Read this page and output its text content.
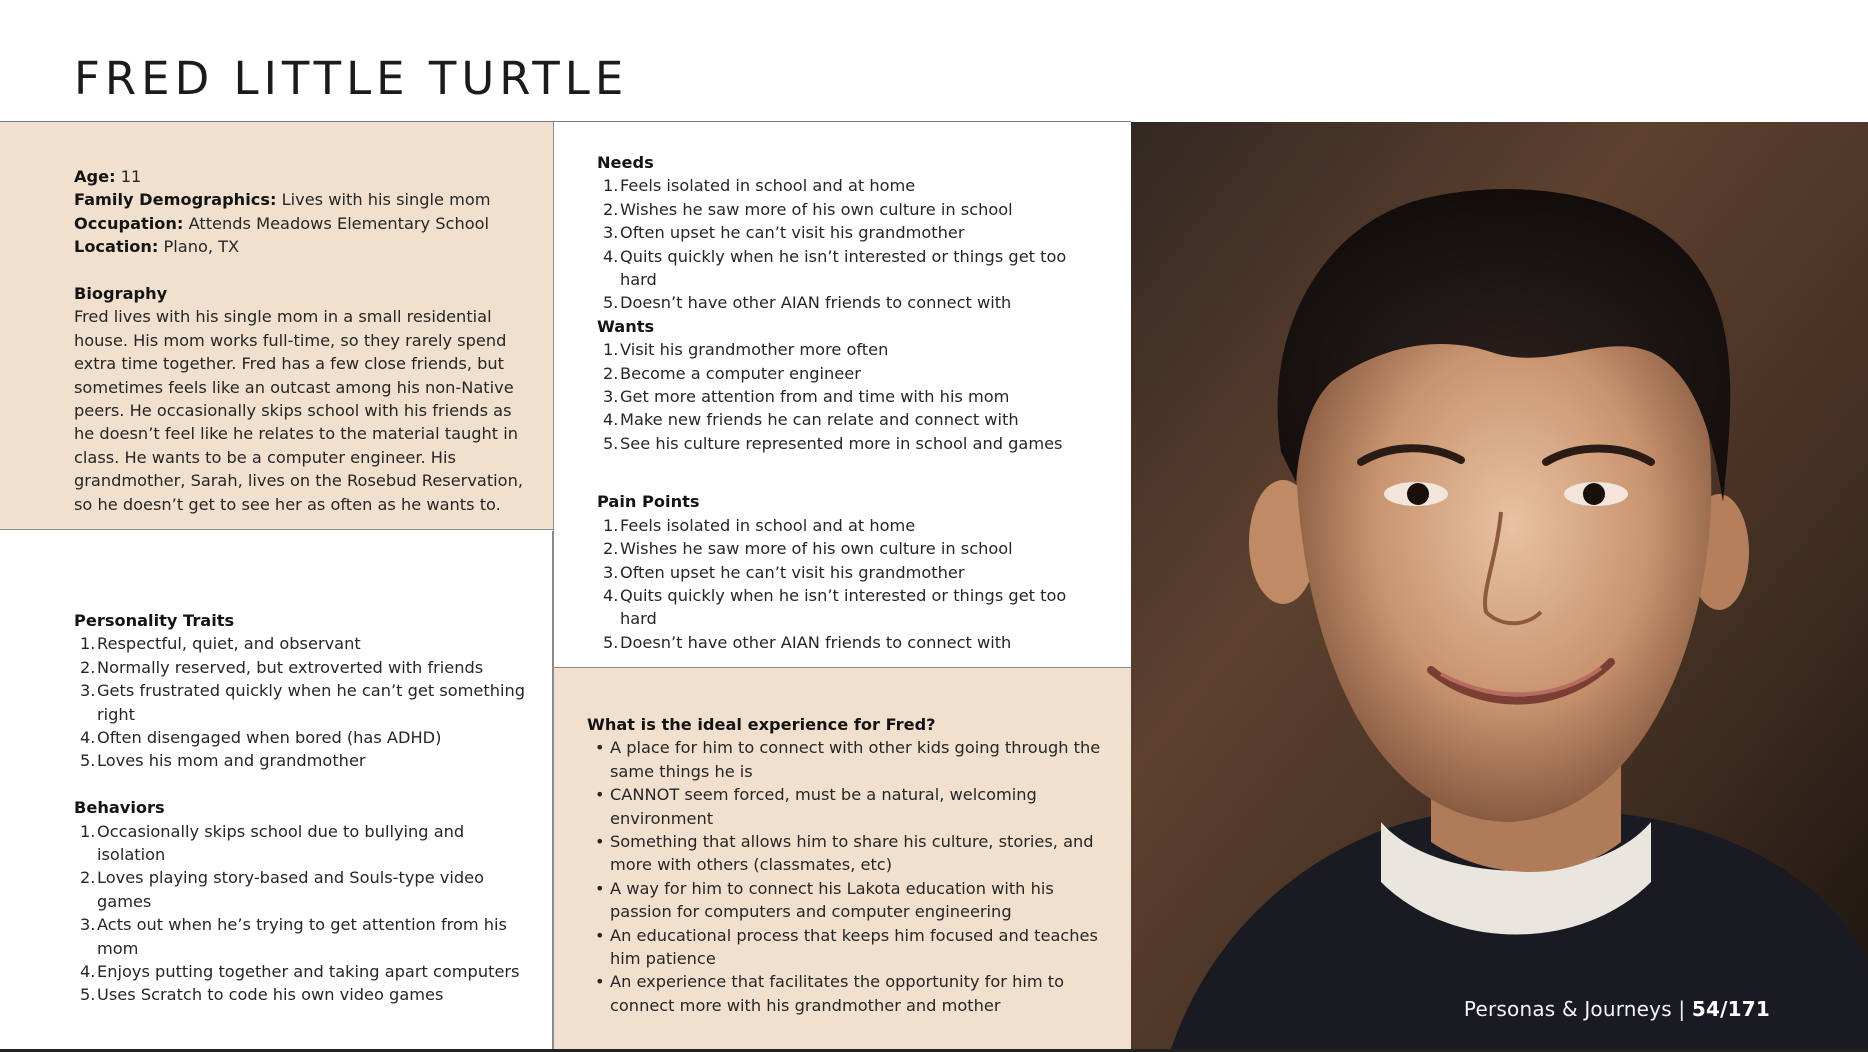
FRED LITTLE TURTLE
Age: 11
Family Demographics: Lives with his single mom
Occupation: Attends Meadows Elementary School
Location: Plano, TX
Biography
Fred lives with his single mom in a small residential
house. His mom works full-time, so they rarely spend
extra time together. Fred has a few close friends, but
sometimes feels like an outcast among his non-Native
peers. He occasionally skips school with his friends as
he doesn’t feel like he relates to the material taught in
class. He wants to be a computer engineer. His
grandmother, Sarah, lives on the Rosebud Reservation,
so he doesn’t get to see her as often as he wants to.
Personality Traits
1. Respectful, quiet, and observant
2. Normally reserved, but extroverted with friends
3. Gets frustrated quickly when he can’t get something
right
4. Often disengaged when bored (has ADHD)
5. Loves his mom and grandmother
Behaviors
1. Occasionally skips school due to bullying and
isolation
2. Loves playing story-based and Souls-type video
games
3. Acts out when he’s trying to get attention from his
mom
4. Enjoys putting together and taking apart computers
5. Uses Scratch to code his own video games
Needs
1. Feels isolated in school and at home
2. Wishes he saw more of his own culture in school
3. Often upset he can’t visit his grandmother
4. Quits quickly when he isn’t interested or things get too
hard
5. Doesn’t have other AIAN friends to connect with
Wants
1. Visit his grandmother more often
2. Become a computer engineer
3. Get more attention from and time with his mom
4. Make new friends he can relate and connect with
5. See his culture represented more in school and games
Pain Points
1. Feels isolated in school and at home
2. Wishes he saw more of his own culture in school
3. Often upset he can’t visit his grandmother
4. Quits quickly when he isn’t interested or things get too
hard
5. Doesn’t have other AIAN friends to connect with
What is the ideal experience for Fred?
• A place for him to connect with other kids going through the
same things he is
• CANNOT seem forced, must be a natural, welcoming
environment
• Something that allows him to share his culture, stories, and
more with others (classmates, etc)
• A way for him to connect his Lakota education with his
passion for computers and computer engineering
• An educational process that keeps him focused and teaches
him patience
• An experience that facilitates the opportunity for him to
connect more with his grandmother and mother	Personas & Journeys | 54/171
